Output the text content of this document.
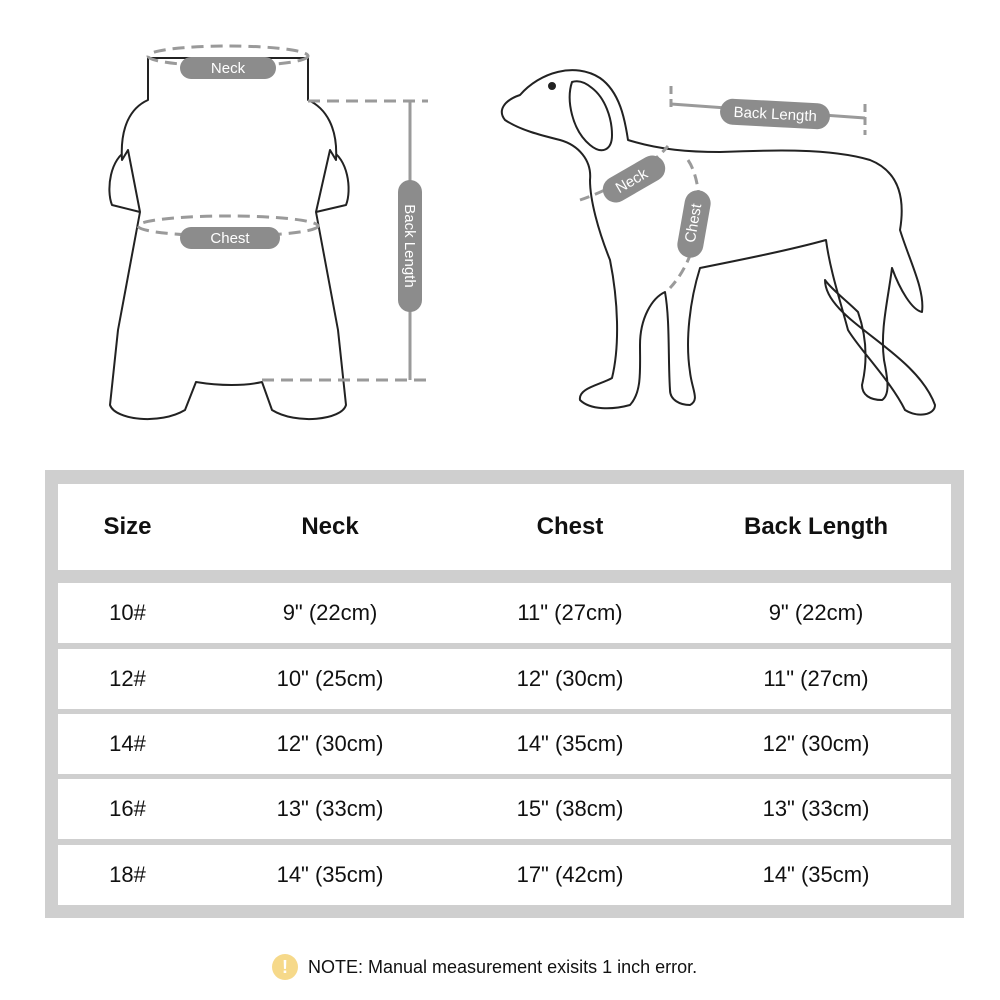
Neck
Chest	Back Length
Back Length
Neck
Chest
Size	Neck	Chest	Back Length
10#	9" (22cm)	11" (27cm)	9" (22cm)
12#	10" (25cm)	12" (30cm)	11" (27cm)
14#	12" (30cm)	14" (35cm)	12" (30cm)
16#	13" (33cm)	15" (38cm)	13" (33cm)
18#	14" (35cm)	17" (42cm)	14" (35cm)
!	NOTE: Manual measurement exisits 1 inch error.
